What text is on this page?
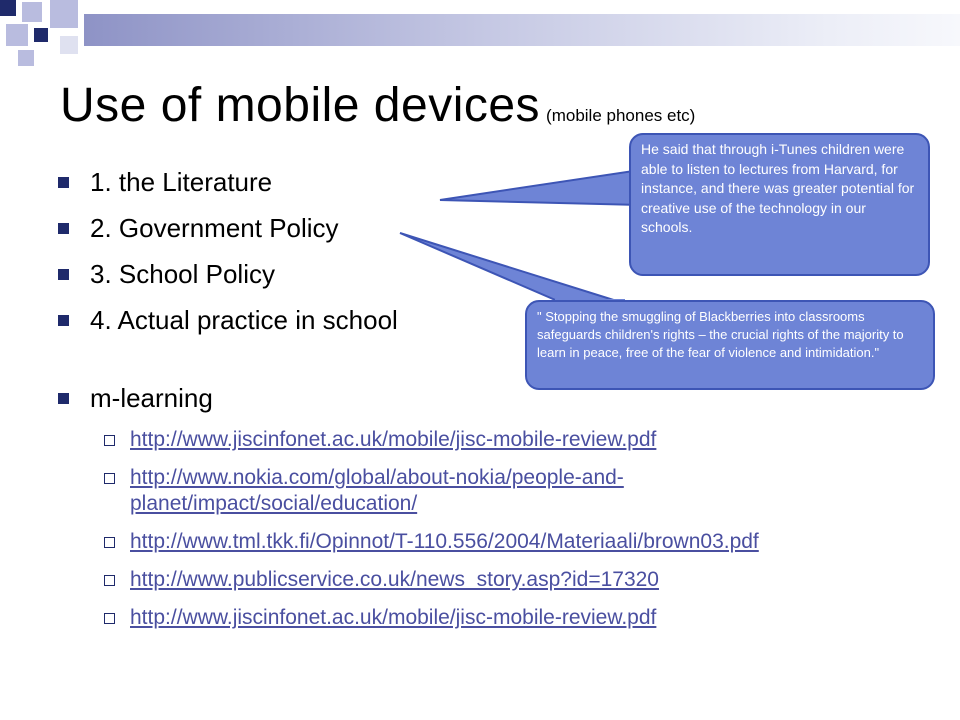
Use of mobile devices (mobile phones etc)
1. the Literature
2. Government Policy
3. School Policy
4. Actual practice in school
m-learning
http://www.jiscinfonet.ac.uk/mobile/jisc-mobile-review.pdf
http://www.nokia.com/global/about-nokia/people-and-planet/impact/social/education/
http://www.tml.tkk.fi/Opinnot/T-110.556/2004/Materiaali/brown03.pdf
http://www.publicservice.co.uk/news_story.asp?id=17320
http://www.jiscinfonet.ac.uk/mobile/jisc-mobile-review.pdf
He said that through i-Tunes children were able to listen to lectures from Harvard, for instance, and there was greater potential for creative use of the technology in our schools.
" Stopping the smuggling of Blackberries into classrooms safeguards children's rights – the crucial rights of the majority to learn in peace, free of the fear of violence and intimidation."
